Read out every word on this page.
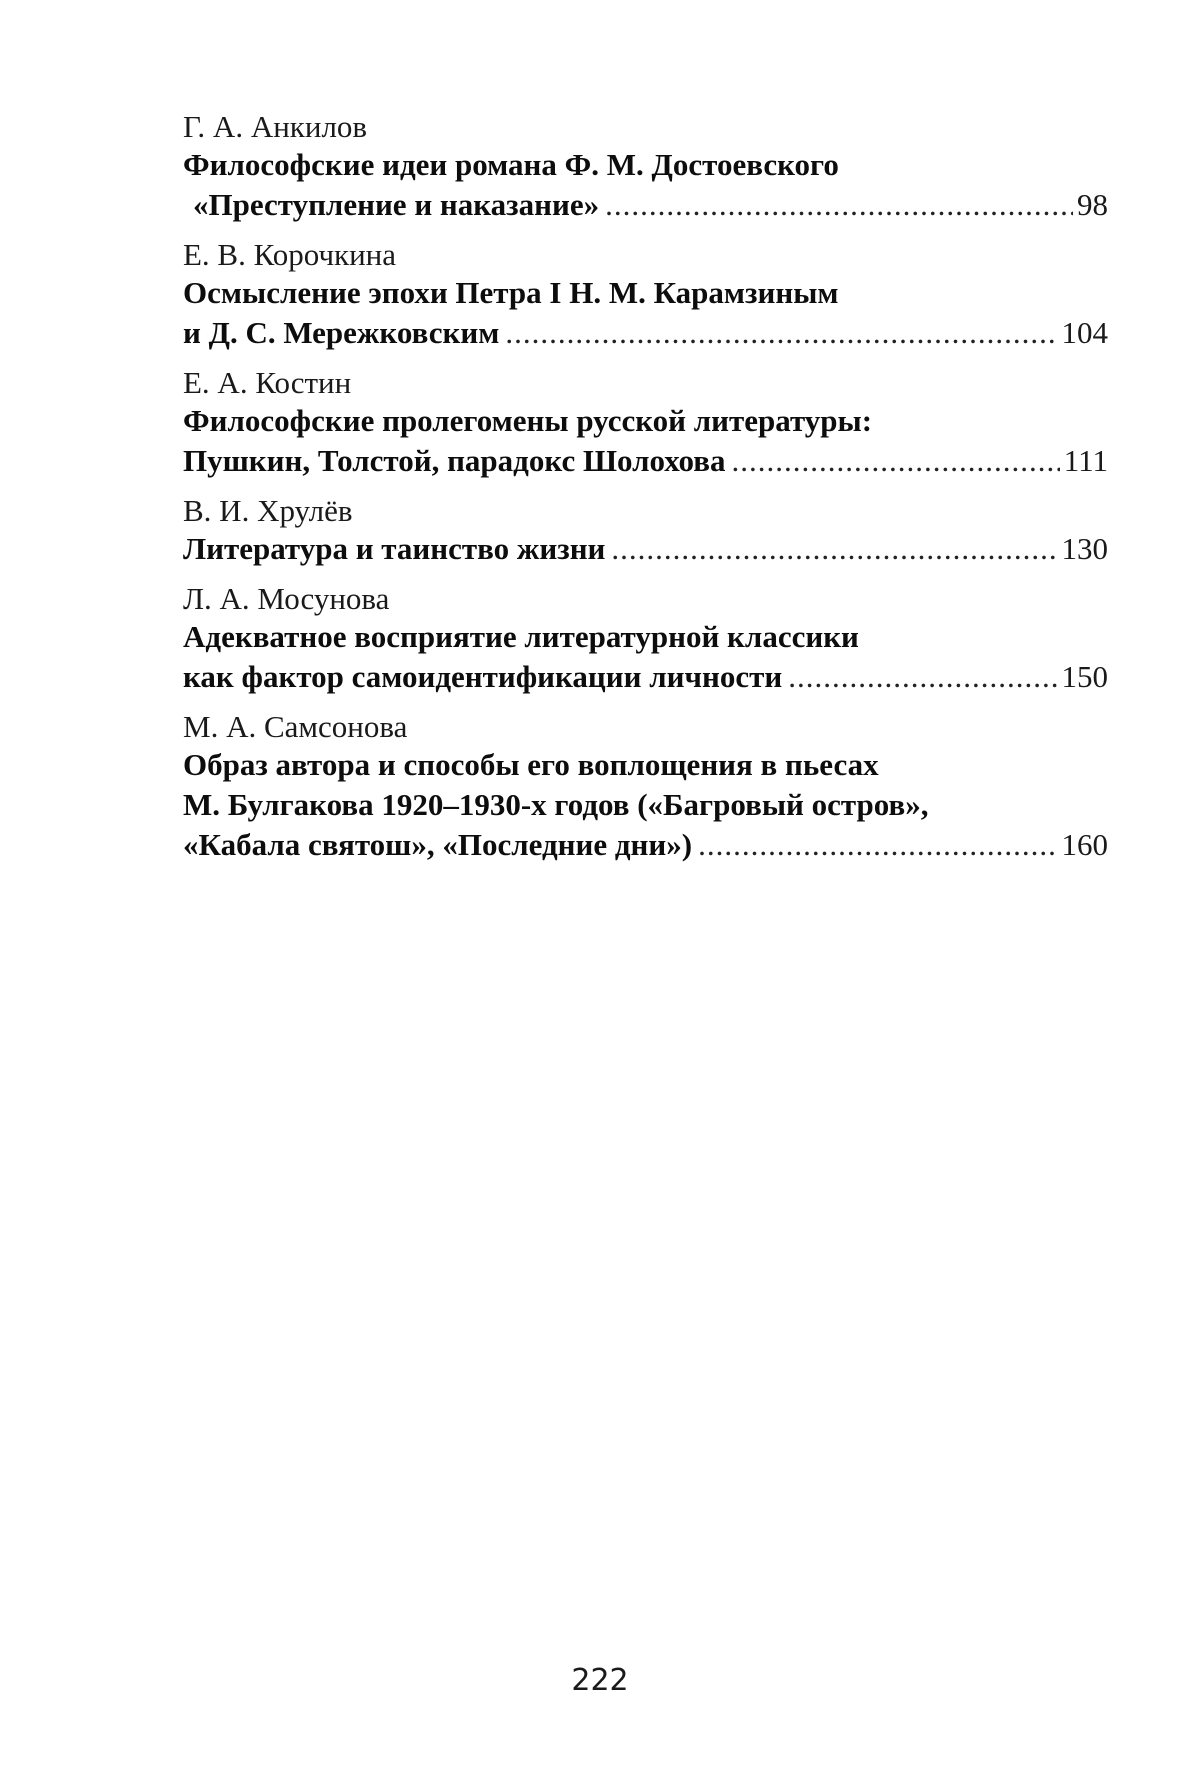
Г. А. Анкилов
Философские идеи романа Ф. М. Достоевского
«Преступление и наказание» .....	98
Е. В. Корочкина
Осмысление эпохи Петра I Н. М. Карамзиным
и Д. С. Мережковским .....	104
Е. А. Костин
Философские пролегомены русской литературы:
Пушкин, Толстой, парадокс Шолохова .....	111
В. И. Хрулёв
Литература и таинство жизни .....	130
Л. А. Мосунова
Адекватное восприятие литературной классики
как фактор самоидентификации личности .....	150
М. А. Самсонова
Образ автора и способы его воплощения в пьесах
М. Булгакова 1920–1930-х годов («Багровый остров»,
«Кабала святош», «Последние дни») .....	160
222
